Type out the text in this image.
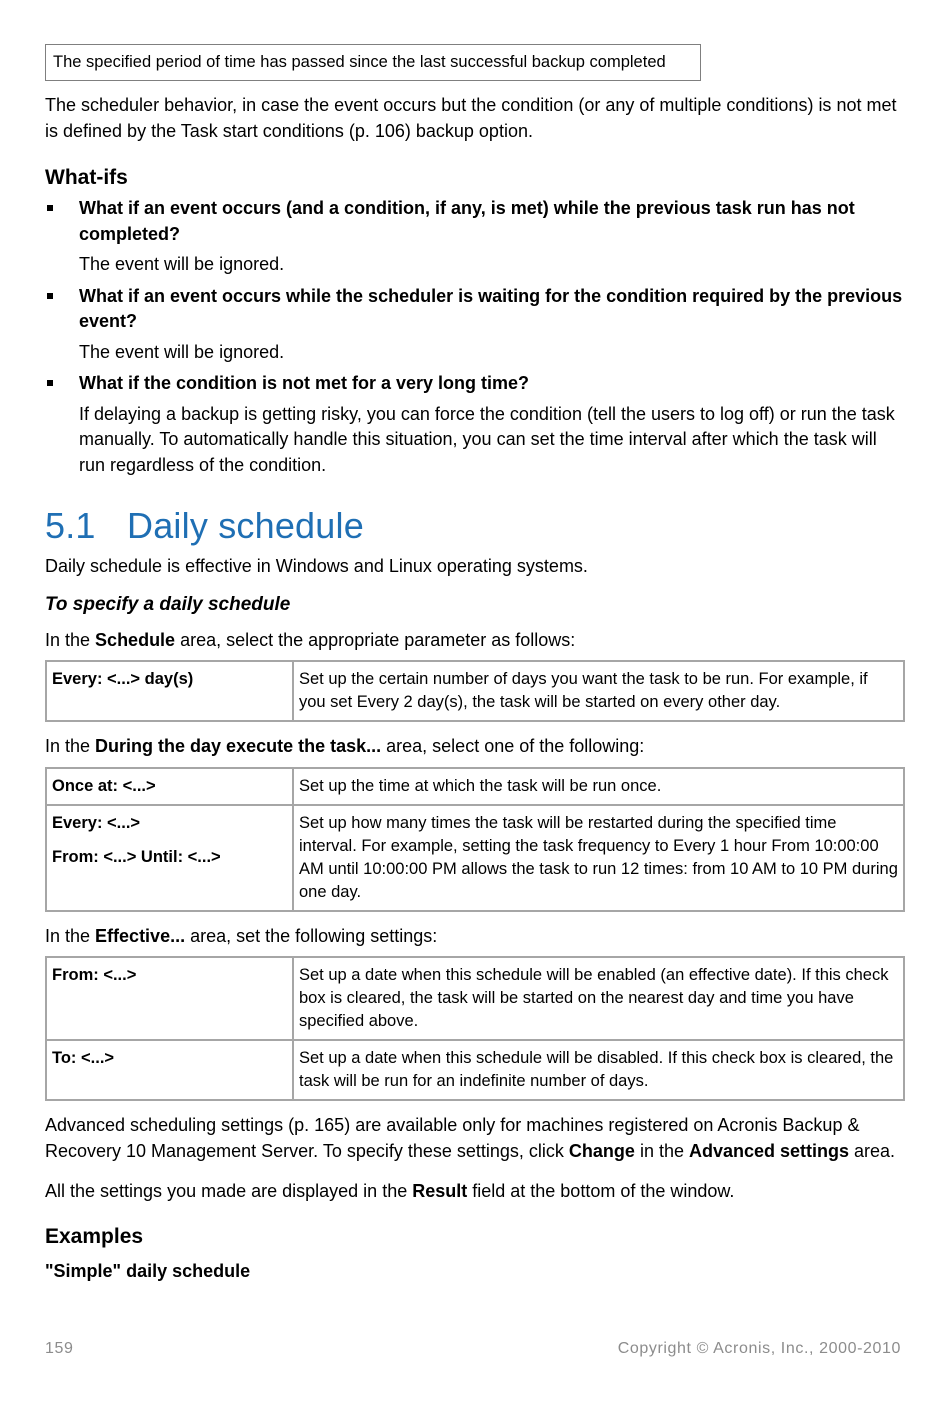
The specified period of time has passed since the last successful backup completed

The scheduler behavior, in case the event occurs but the condition (or any of multiple conditions) is not met is defined by the Task start conditions (p. 106) backup option.

What-ifs
What if an event occurs (and a condition, if any, is met) while the previous task run has not completed?
The event will be ignored.
What if an event occurs while the scheduler is waiting for the condition required by the previous event?
The event will be ignored.
What if the condition is not met for a very long time?
If delaying a backup is getting risky, you can force the condition (tell the users to log off) or run the task manually. To automatically handle this situation, you can set the time interval after which the task will run regardless of the condition.
5.1 Daily schedule

Daily schedule is effective in Windows and Linux operating systems.

To specify a daily schedule

In the Schedule area, select the appropriate parameter as follows:

Every: <...> day(s)	Set up the certain number of days you want the task to be run. For example, if you set Every 2 day(s), the task will be started on every other day.

In the During the day execute the task... area, select one of the following:

Once at: <...>	Set up the time at which the task will be run once.

Every: <...>
From: <...> Until: <...>	Set up how many times the task will be restarted during the specified time interval. For example, setting the task frequency to Every 1 hour From 10:00:00 AM until 10:00:00 PM allows the task to run 12 times: from 10 AM to 10 PM during one day.

In the Effective... area, set the following settings:

From: <...>	Set up a date when this schedule will be enabled (an effective date). If this check box is cleared, the task will be started on the nearest day and time you have specified above.
To: <...>	Set up a date when this schedule will be disabled. If this check box is cleared, the task will be run for an indefinite number of days.

Advanced scheduling settings (p. 165) are available only for machines registered on Acronis Backup & Recovery 10 Management Server. To specify these settings, click Change in the Advanced settings area.

All the settings you made are displayed in the Result field at the bottom of the window.

Examples
"Simple" daily schedule
159	Copyright © Acronis, Inc., 2000-2010
